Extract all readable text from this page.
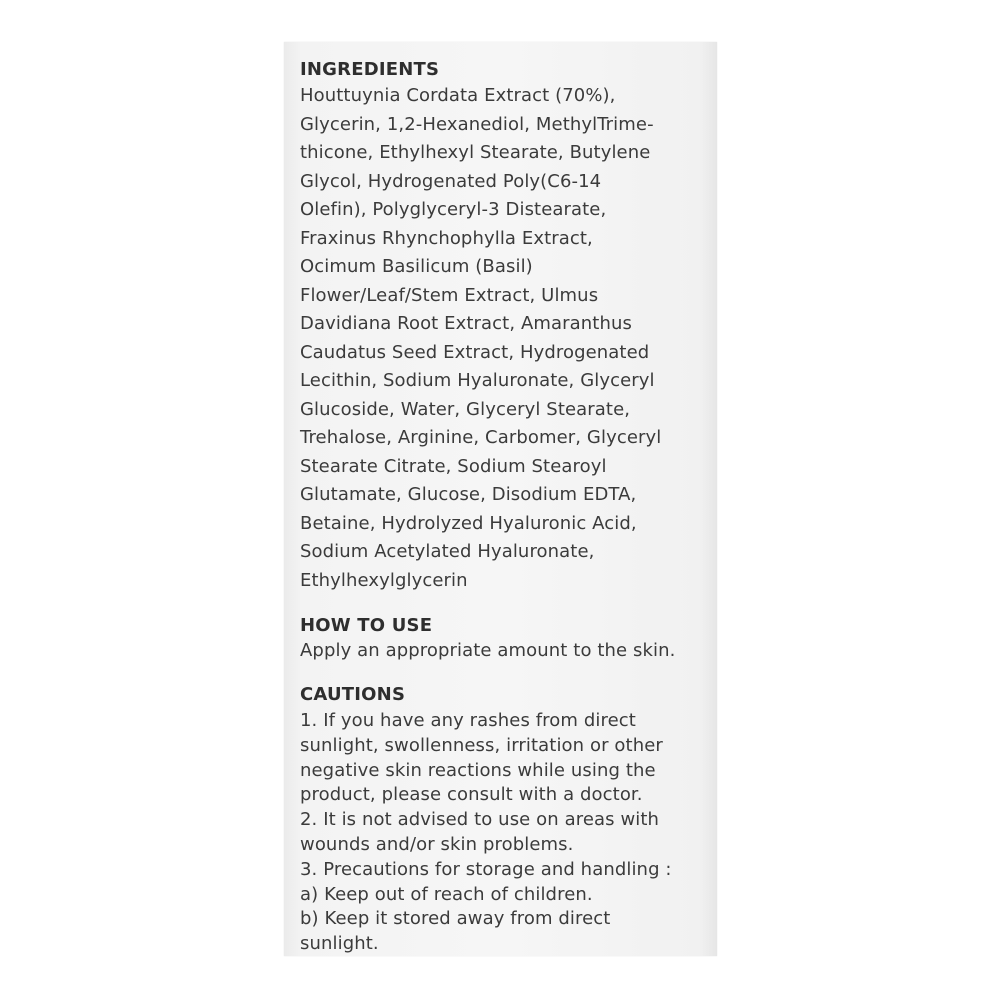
INGREDIENTS

Houttuynia Cordata Extract (70%),

Glycerin, 1,2-Hexanediol, MethylTrime-

thicone, Ethylhexyl Stearate, Butylene

Glycol, Hydrogenated Poly(C6-14

Olefin), Polyglyceryl-3 Distearate,

Fraxinus Rhynchophylla Extract,

Ocimum Basilicum (Basil)

Flower/Leaf/Stem Extract, Ulmus

Davidiana Root Extract, Amaranthus

Caudatus Seed Extract, Hydrogenated

Lecithin, Sodium Hyaluronate, Glyceryl

Glucoside, Water, Glyceryl Stearate,

Trehalose, Arginine, Carbomer, Glyceryl

Stearate Citrate, Sodium Stearoyl

Glutamate, Glucose, Disodium EDTA,

Betaine, Hydrolyzed Hyaluronic Acid,

Sodium Acetylated Hyaluronate,

Ethylhexylglycerin

HOW TO USE

Apply an appropriate amount to the skin.

CAUTIONS

1. If you have any rashes from direct

sunlight, swollenness, irritation or other

negative skin reactions while using the

product, please consult with a doctor.

2. It is not advised to use on areas with

wounds and/or skin problems.

3. Precautions for storage and handling :

a) Keep out of reach of children.

b) Keep it stored away from direct

sunlight.
